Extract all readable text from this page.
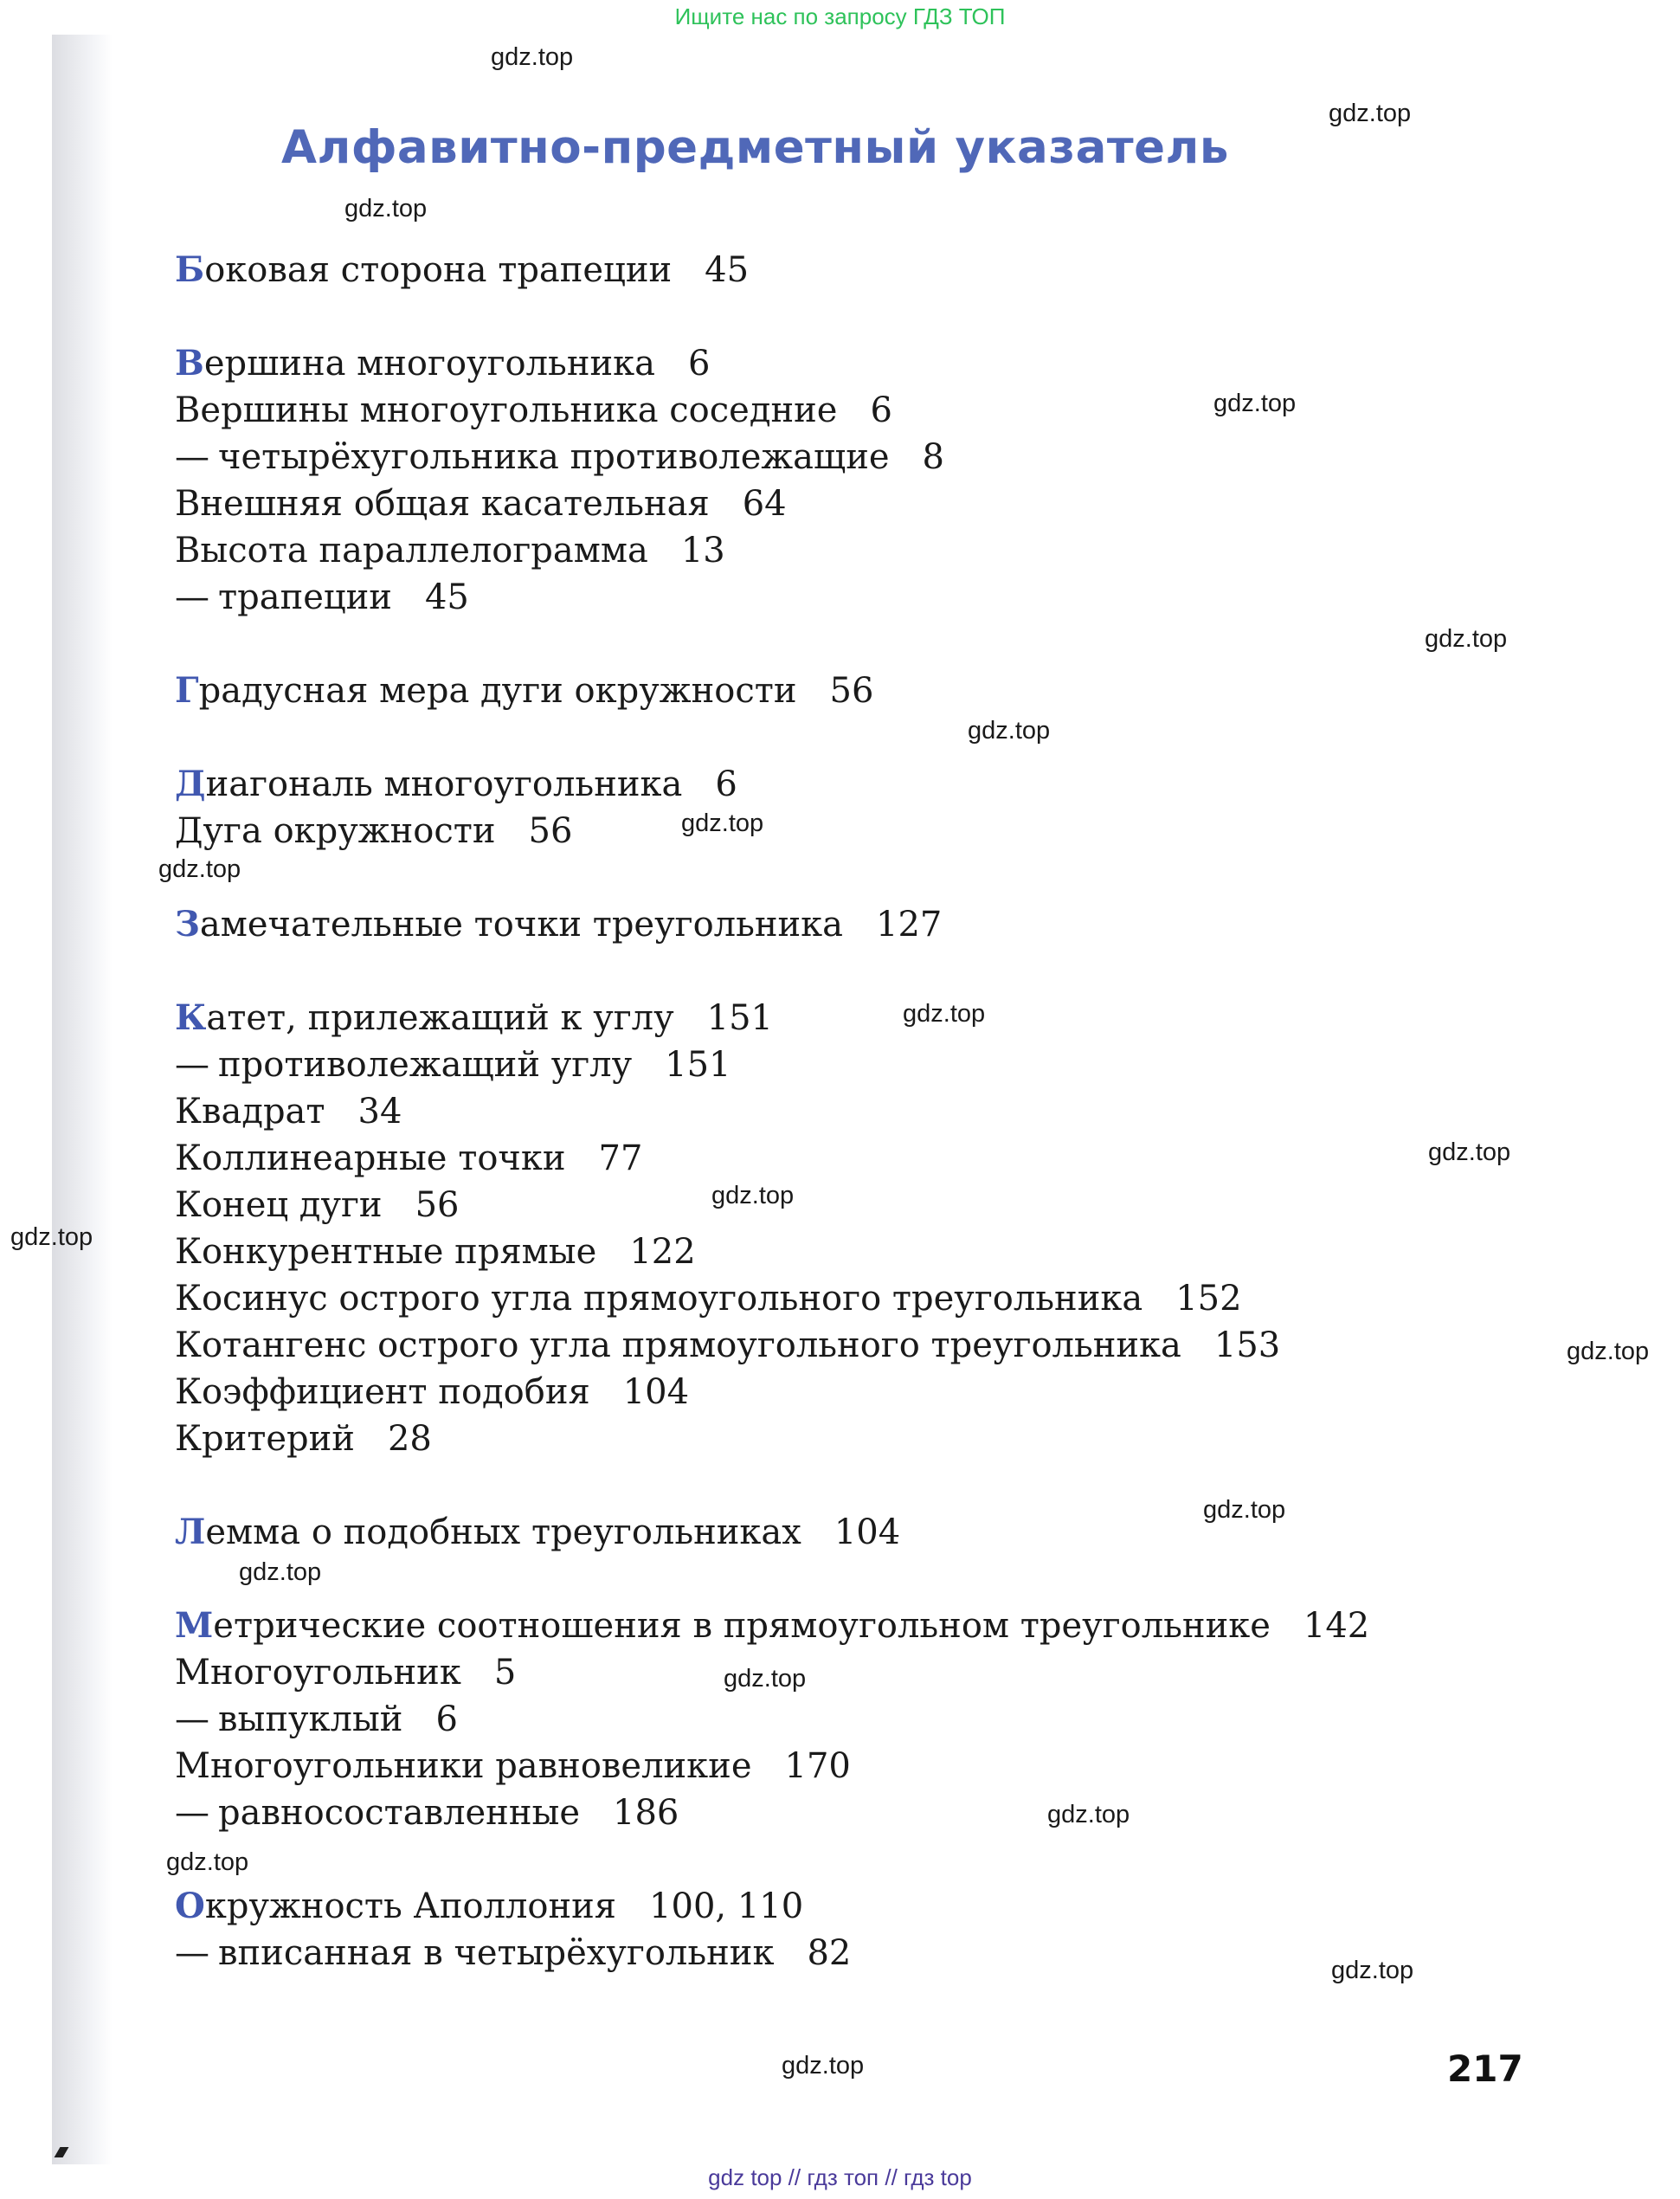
Ищите нас по запросу ГДЗ ТОП
Алфавитно-предметный указатель
Боковая сторона трапеции 45
Вершина многоугольника 6
Вершины многоугольника соседние 6
— четырёхугольника противолежащие 8
Внешняя общая касательная 64
Высота параллелограмма 13
— трапеции 45
Градусная мера дуги окружности 56
Диагональ многоугольника 6
Дуга окружности 56
Замечательные точки треугольника 127
Катет, прилежащий к углу 151
— противолежащий углу 151
Квадрат 34
Коллинеарные точки 77
Конец дуги 56
Конкурентные прямые 122
Косинус острого угла прямоугольного треугольника 152
Котангенс острого угла прямоугольного треугольника 153
Коэффициент подобия 104
Критерий 28
Лемма о подобных треугольниках 104
Метрические соотношения в прямоугольном треугольнике 142
Многоугольник 5
— выпуклый 6
Многоугольники равновеликие 170
— равносоставленные 186
Окружность Аполлония 100, 110
— вписанная в четырёхугольник 82
217
gdz.top
gdz.top
gdz.top
gdz.top
gdz.top
gdz.top
gdz.top
gdz.top
gdz.top
gdz.top
gdz.top
gdz.top
gdz.top
gdz.top
gdz.top
gdz.top
gdz.top
gdz.top
gdz.top
gdz.top
gdz top // гдз топ // гдз top
